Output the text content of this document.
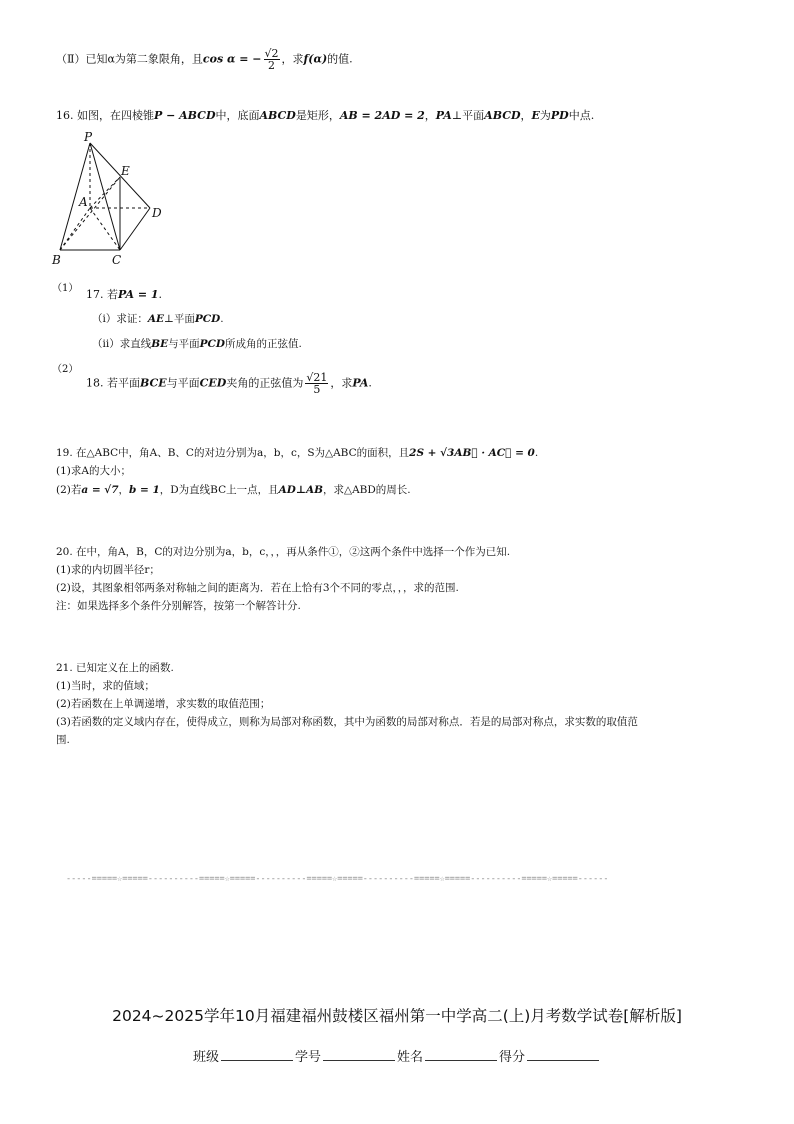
（Ⅱ）已知α为第二象限角，且cos α = − $\frac{√2}{2}$ ，求f(α)的值.
16. 如图，在四棱锥P − ABCD中，底面ABCD是矩形，AB = 2AD = 2，PA⊥平面ABCD，E为PD中点.
P
E
A
D
B	C
（1） 17. 若PA = 1.
（i）求证：AE⊥平面PCD.
（ii）求直线BE与平面PCD所成角的正弦值.
（2）
18. 若平面BCE与平面CED夹角的正弦值为 $\frac{√21}{5}$ ，求PA.
19. 在△ABC中，角A、B、C的对边分别为a，b，c，S为△ABC的面积，且2S + √3AB⃗ · AC⃗ = 0.
(1)求A的大小；
(2)若a = √7，b = 1，D为直线BC上一点，且AD⊥AB，求△ABD的周长.
20. 在中，角A，B，C的对边分别为a，b，c，，，再从条件①，②这两个条件中选择一个作为已知.
(1)求的内切圆半径r；
(2)设，其图象相邻两条对称轴之间的距离为．若在上恰有3个不同的零点，，，求的范围.
注：如果选择多个条件分别解答，按第一个解答计分.
21. 已知定义在上的函数.
(1)当时，求的值域；
(2)若函数在上单调递增，求实数的取值范围；
(3)若函数的定义域内存在，使得成立，则称为局部对称函数，其中为函数的局部对称点．若是的局部对称点，求实数的取值范
围.
-----=====☆=====----------=====☆=====----------=====☆=====----------=====☆=====----------=====☆=====------
2024~2025学年10月福建福州鼓楼区福州第一中学高二(上)月考数学试卷[解析版]
班级	学号	姓名	得分
